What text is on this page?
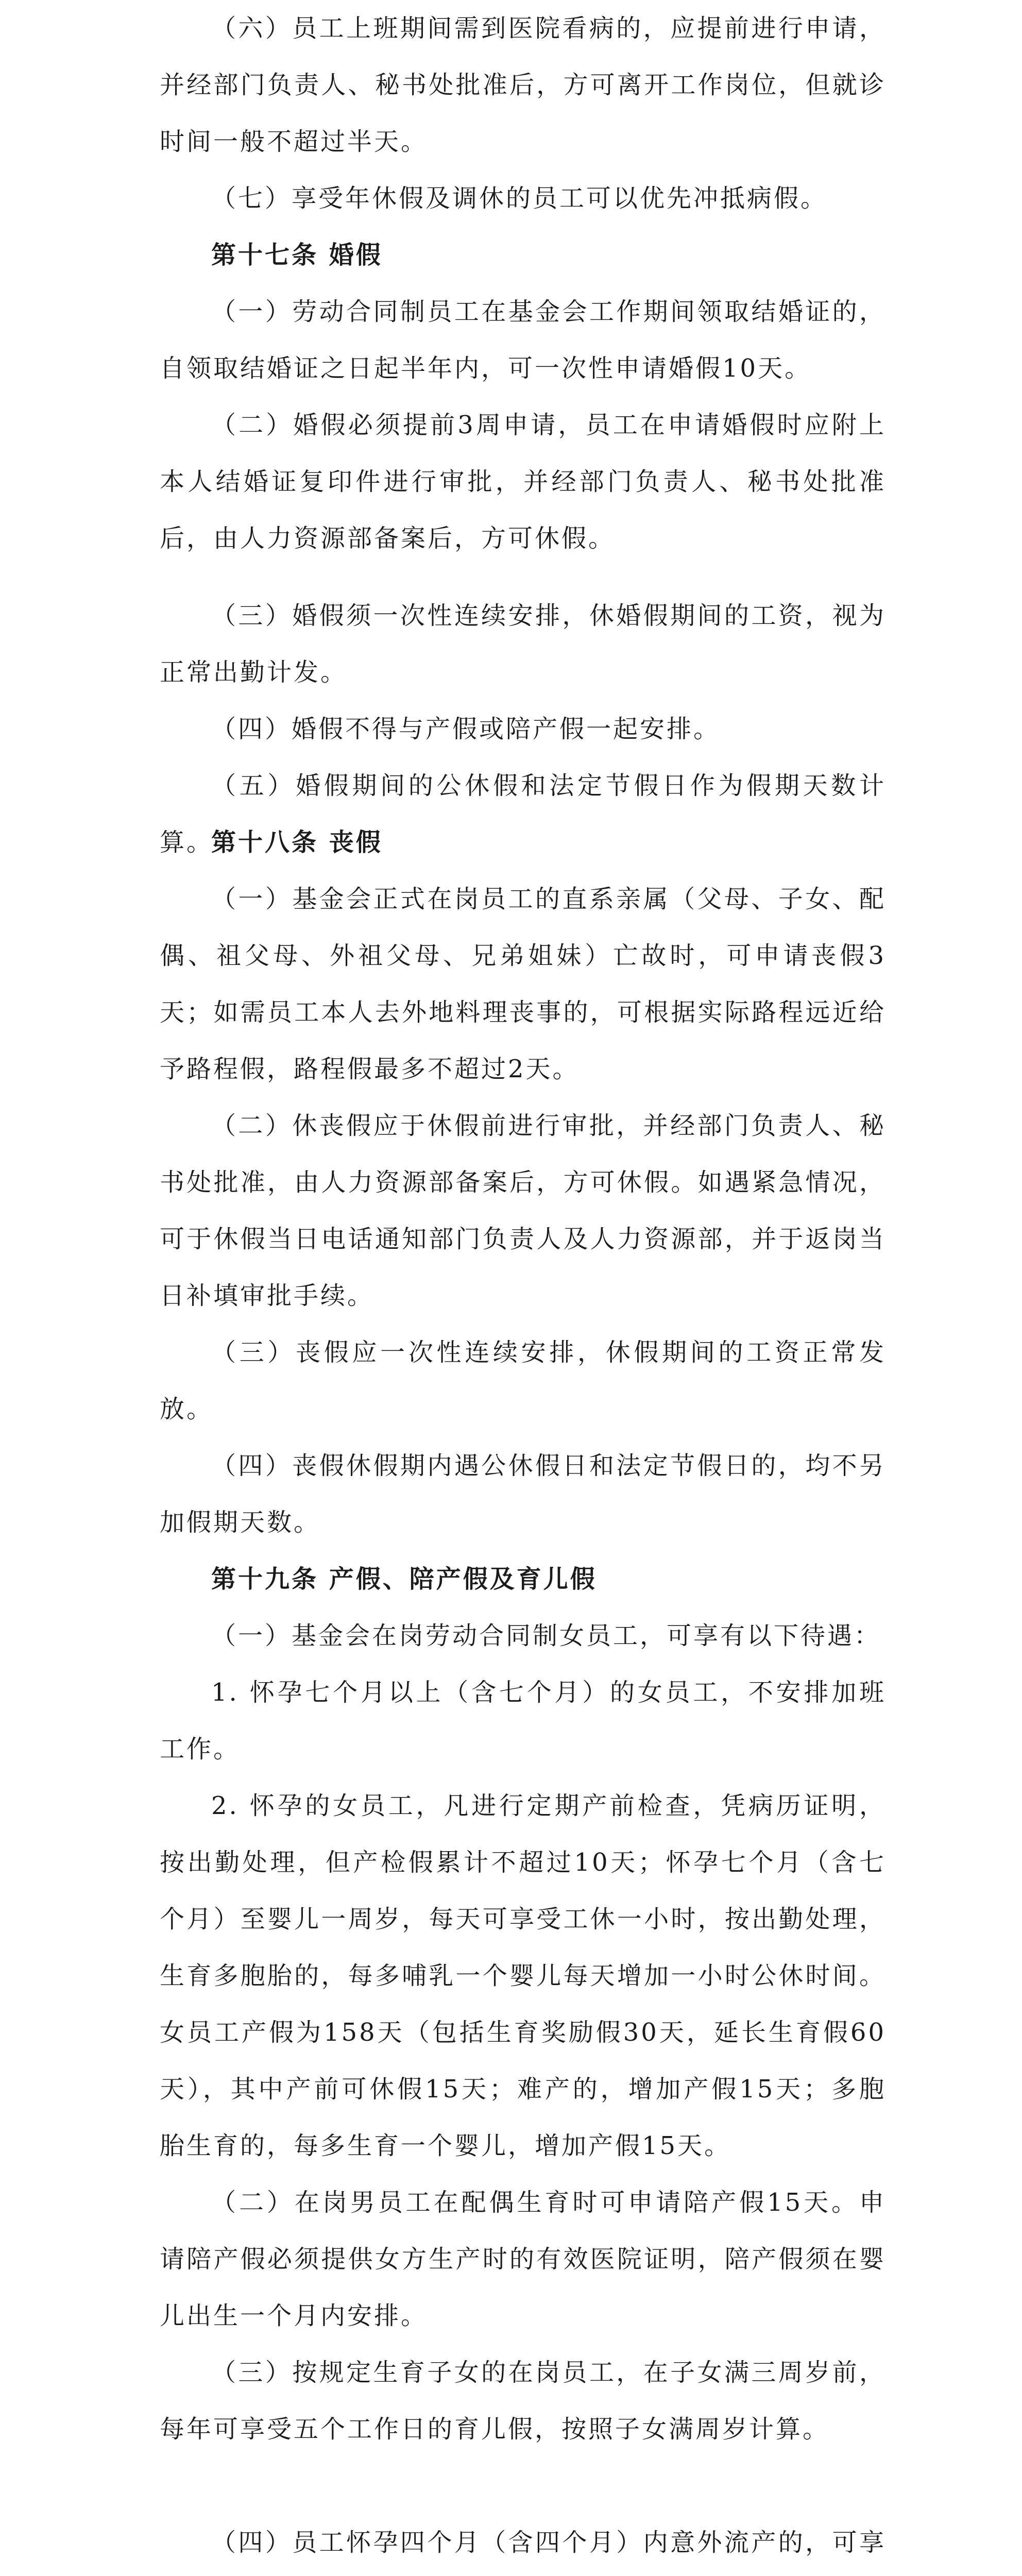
（六）员工上班期间需到医院看病的，应提前进行申请，并经部门负责人、秘书处批准后，方可离开工作岗位，但就诊时间一般不超过半天。

（七）享受年休假及调休的员工可以优先冲抵病假。

第十七条 婚假

（一）劳动合同制员工在基金会工作期间领取结婚证的，自领取结婚证之日起半年内，可一次性申请婚假10天。

（二）婚假必须提前3周申请，员工在申请婚假时应附上本人结婚证复印件进行审批，并经部门负责人、秘书处批准后，由人力资源部备案后，方可休假。

（三）婚假须一次性连续安排，休婚假期间的工资，视为正常出勤计发。

（四）婚假不得与产假或陪产假一起安排。

（五）婚假期间的公休假和法定节假日作为假期天数计算。

第十八条 丧假

（一）基金会正式在岗员工的直系亲属（父母、子女、配偶、祖父母、外祖父母、兄弟姐妹）亡故时，可申请丧假3天；如需员工本人去外地料理丧事的，可根据实际路程远近给予路程假，路程假最多不超过2天。

（二）休丧假应于休假前进行审批，并经部门负责人、秘书处批准，由人力资源部备案后，方可休假。如遇紧急情况，可于休假当日电话通知部门负责人及人力资源部，并于返岗当日补填审批手续。

（三）丧假应一次性连续安排，休假期间的工资正常发放。

（四）丧假休假期内遇公休假日和法定节假日的，均不另加假期天数。

第十九条 产假、陪产假及育儿假

（一）基金会在岗劳动合同制女员工，可享有以下待遇：

1. 怀孕七个月以上（含七个月）的女员工，不安排加班工作。

2. 怀孕的女员工，凡进行定期产前检查，凭病历证明，按出勤处理，但产检假累计不超过10天；怀孕七个月（含七个月）至婴儿一周岁，每天可享受工休一小时，按出勤处理，生育多胞胎的，每多哺乳一个婴儿每天增加一小时公休时间。女员工产假为158天（包括生育奖励假30天，延长生育假60天），其中产前可休假15天；难产的，增加产假15天；多胞胎生育的，每多生育一个婴儿，增加产假15天。

（二）在岗男员工在配偶生育时可申请陪产假15天。申请陪产假必须提供女方生产时的有效医院证明，陪产假须在婴儿出生一个月内安排。

（三）按规定生育子女的在岗员工，在子女满三周岁前，每年可享受五个工作日的育儿假，按照子女满周岁计算。

（四）员工怀孕四个月（含四个月）内意外流产的，可享
